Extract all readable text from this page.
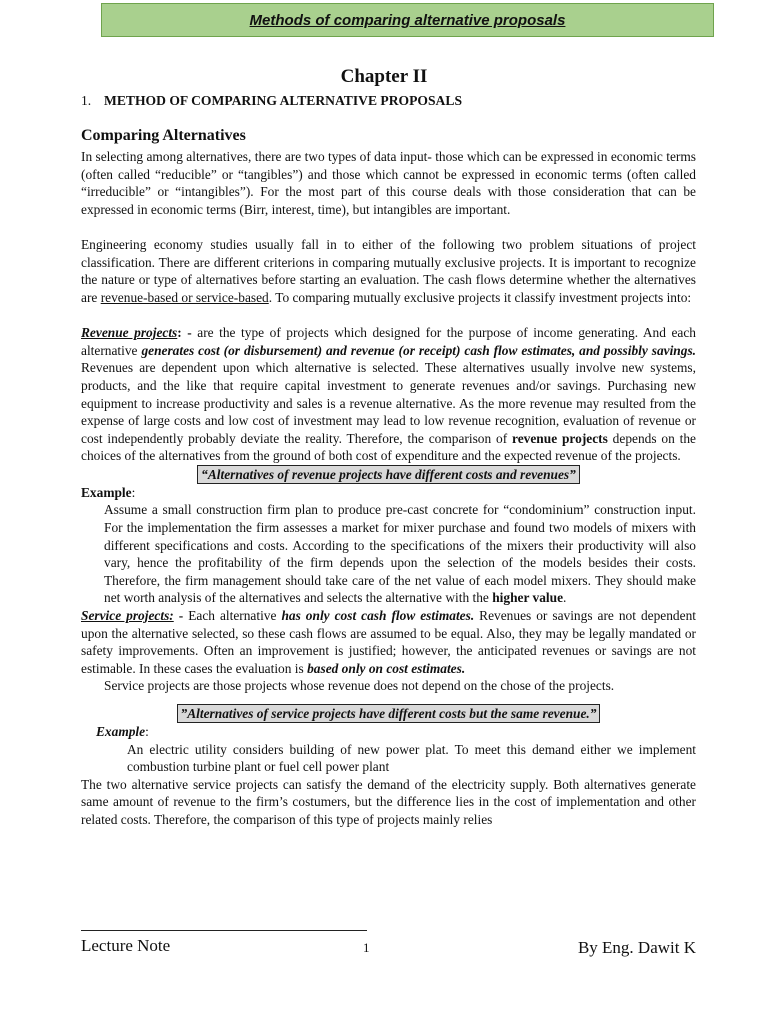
Methods of comparing alternative proposals
Chapter II
1. METHOD OF COMPARING ALTERNATIVE PROPOSALS
Comparing Alternatives

In selecting among alternatives, there are two types of data input- those which can be expressed in economic terms (often called “reducible” or “tangibles”) and those which cannot be expressed in economic terms (often called “irreducible” or “intangibles”). For the most part of this course deals with those consideration that can be expressed in economic terms (Birr, interest, time), but intangibles are important.

Engineering economy studies usually fall in to either of the following two problem situations of project classification. There are different criterions in comparing mutually exclusive projects. It is important to recognize the nature or type of alternatives before starting an evaluation. The cash flows determine whether the alternatives are revenue-based or service-based. To comparing mutually exclusive projects it classify investment projects into:

Revenue projects: - are the type of projects which designed for the purpose of income generating. And each alternative generates cost (or disbursement) and revenue (or receipt) cash flow estimates, and possibly savings. Revenues are dependent upon which alternative is selected. These alternatives usually involve new systems, products, and the like that require capital investment to generate revenues and/or savings. Purchasing new equipment to increase productivity and sales is a revenue alternative. As the more revenue may resulted from the expense of large costs and low cost of investment may lead to low revenue recognition, evaluation of revenue or cost independently probably deviate the reality. Therefore, the comparison of revenue projects depends on the choices of the alternatives from the ground of both cost of expenditure and the expected revenue of the projects.

“Alternatives of revenue projects have different costs and revenues”

Example:

Assume a small construction firm plan to produce pre-cast concrete for “condominium” construction input. For the implementation the firm assesses a market for mixer purchase and found two models of mixers with different specifications and costs. According to the specifications of the mixers their productivity will also vary, hence the profitability of the firm depends upon the selection of the models besides their costs. Therefore, the firm management should take care of the net value of each model mixers. They should make net worth analysis of the alternatives and selects the alternative with the higher value.

Service projects: - Each alternative has only cost cash flow estimates. Revenues or savings are not dependent upon the alternative selected, so these cash flows are assumed to be equal. Also, they may be legally mandated or safety improvements. Often an improvement is justified; however, the anticipated revenues or savings are not estimable. In these cases the evaluation is based only on cost estimates.

Service projects are those projects whose revenue does not depend on the chose of the projects.

”Alternatives of service projects have different costs but the same revenue.”

Example:

An electric utility considers building of new power plat. To meet this demand either we implement combustion turbine plant or fuel cell power plant

The two alternative service projects can satisfy the demand of the electricity supply. Both alternatives generate same amount of revenue to the firm’s costumers, but the difference lies in the cost of implementation and other related costs. Therefore, the comparison of this type of projects mainly relies

Lecture Note	1	By Eng. Dawit K
